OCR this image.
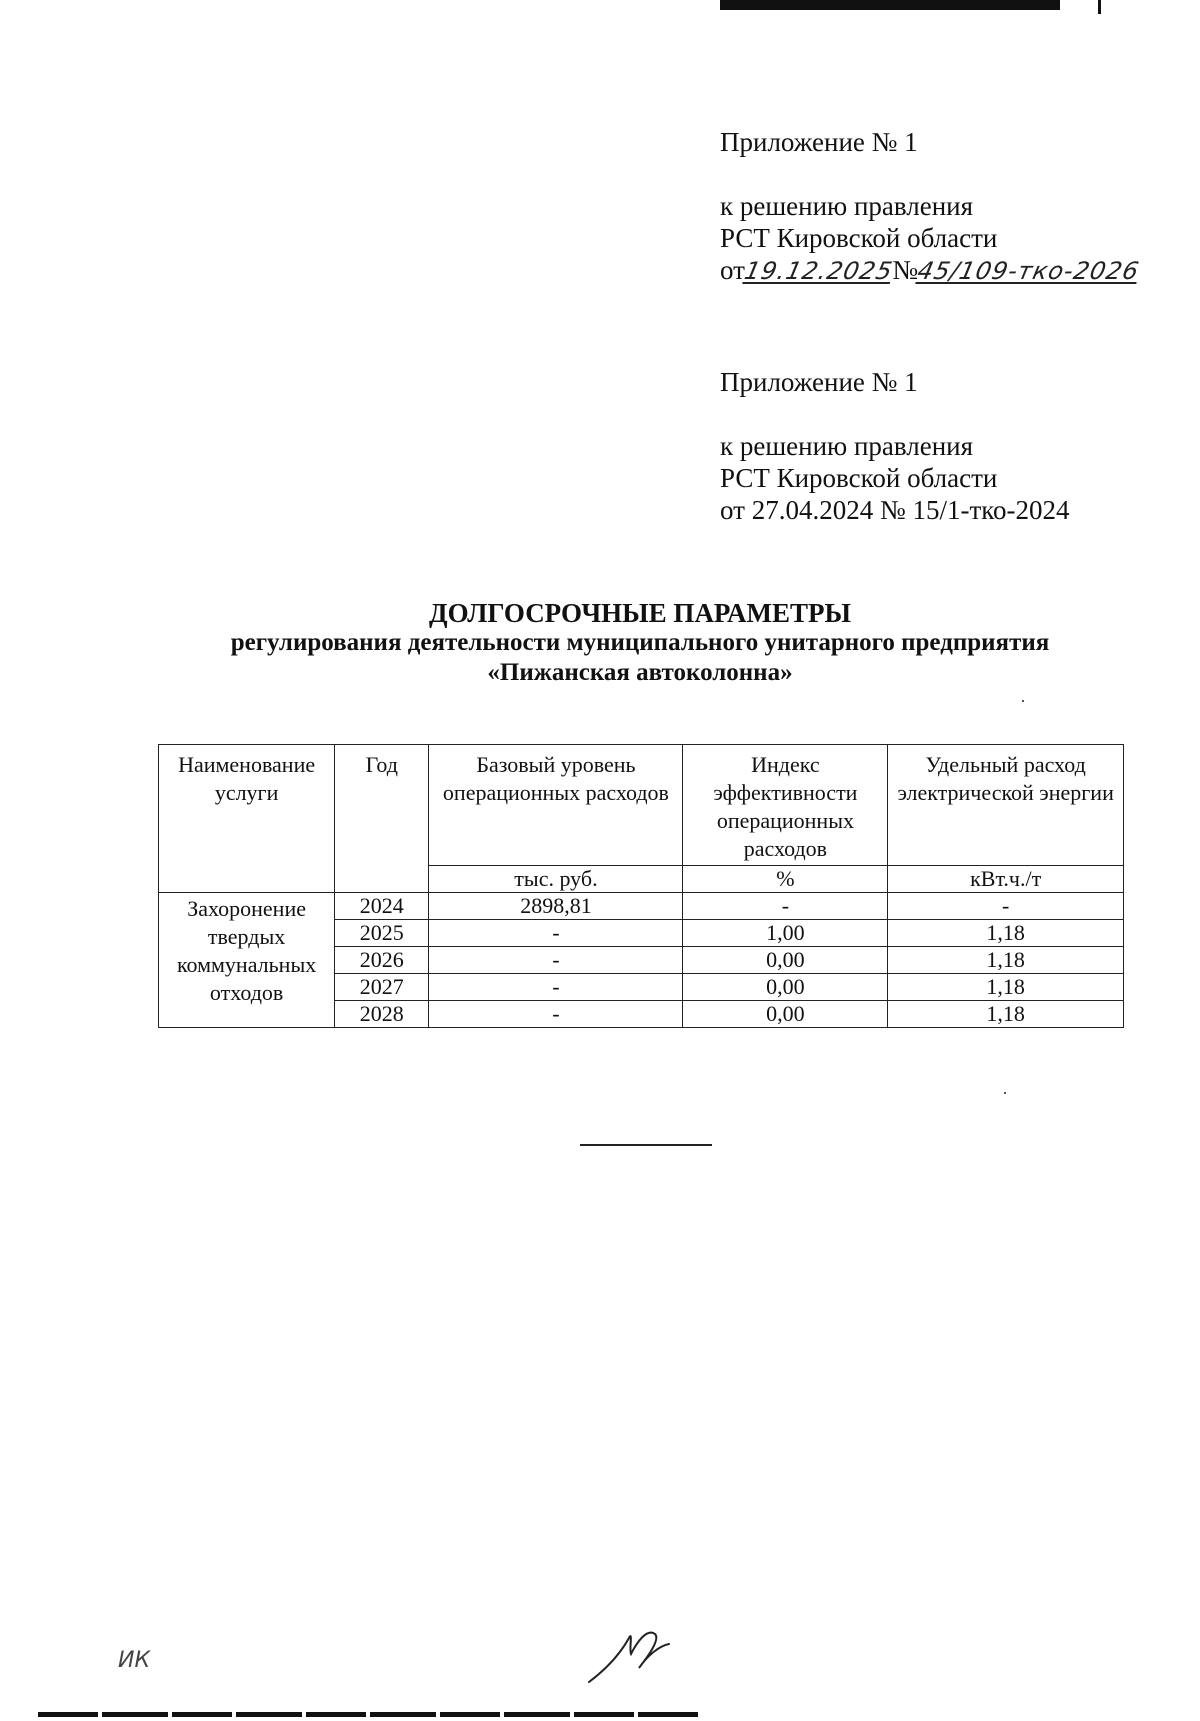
Приложение № 1
к решению правления
РСТ Кировской области
от19.12.2025№45/109-тко-2026
Приложение № 1
к решению правления
РСТ Кировской области
от 27.04.2024 № 15/1-тко-2024
ДОЛГОСРОЧНЫЕ ПАРАМЕТРЫ
регулирования деятельности муниципального унитарного предприятия
«Пижанская автоколонна»
Наименование услуги	Год	Базовый уровень операционных расходов	Индекс эффективности операционных расходов	Удельный расход электрической энергии
		тыс. руб.	%	кВт.ч./т
Захоронение твердых коммунальных отходов	2024	2898,81	-	-
	2025	-	1,00	1,18
	2026	-	0,00	1,18
	2027	-	0,00	1,18
	2028	-	0,00	1,18
ИК
